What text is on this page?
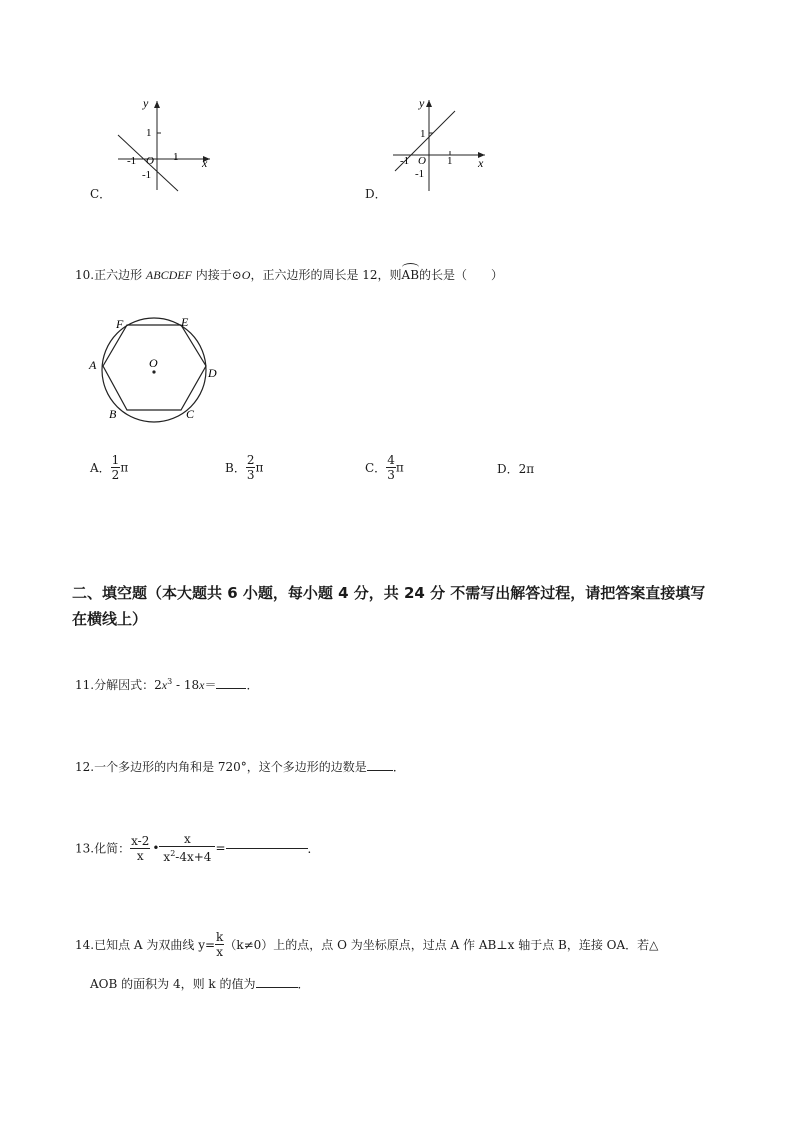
y
x
1
1
-1 O
-1
C．
y
x
1
1
-1 O
-1
D．
10.正六边形 ABCDEF 内接于⊙O，正六边形的周长是 12，则AB的长是（　　）
F	E
A	O
D
B	C
A． $\frac{1}{2}$ π	B． $\frac{2}{3}$ π	C． $\frac{4}{3}$ π	D．2π
二、填空题（本大题共 6 小题，每小题 4 分，共 24 分 不需写出解答过程，请把答案直接填写
在横线上）
11.分解因式：$2x^3 - 18x=$	．
12.一个多边形的内角和是 720°，这个多边形的边数是 ．
13.化简： $\frac{x-2}{x}$ • $\frac{x}{x^2-4x+4}$ =	．
14.已知点 A 为双曲线 $y= \frac{k}{x} (k\ne 0)$上的点，点 O 为坐标原点，过点 A 作 AB⊥x 轴于点 B，连接 OA．若△
AOB 的面积为 4，则 k 的值为	．
